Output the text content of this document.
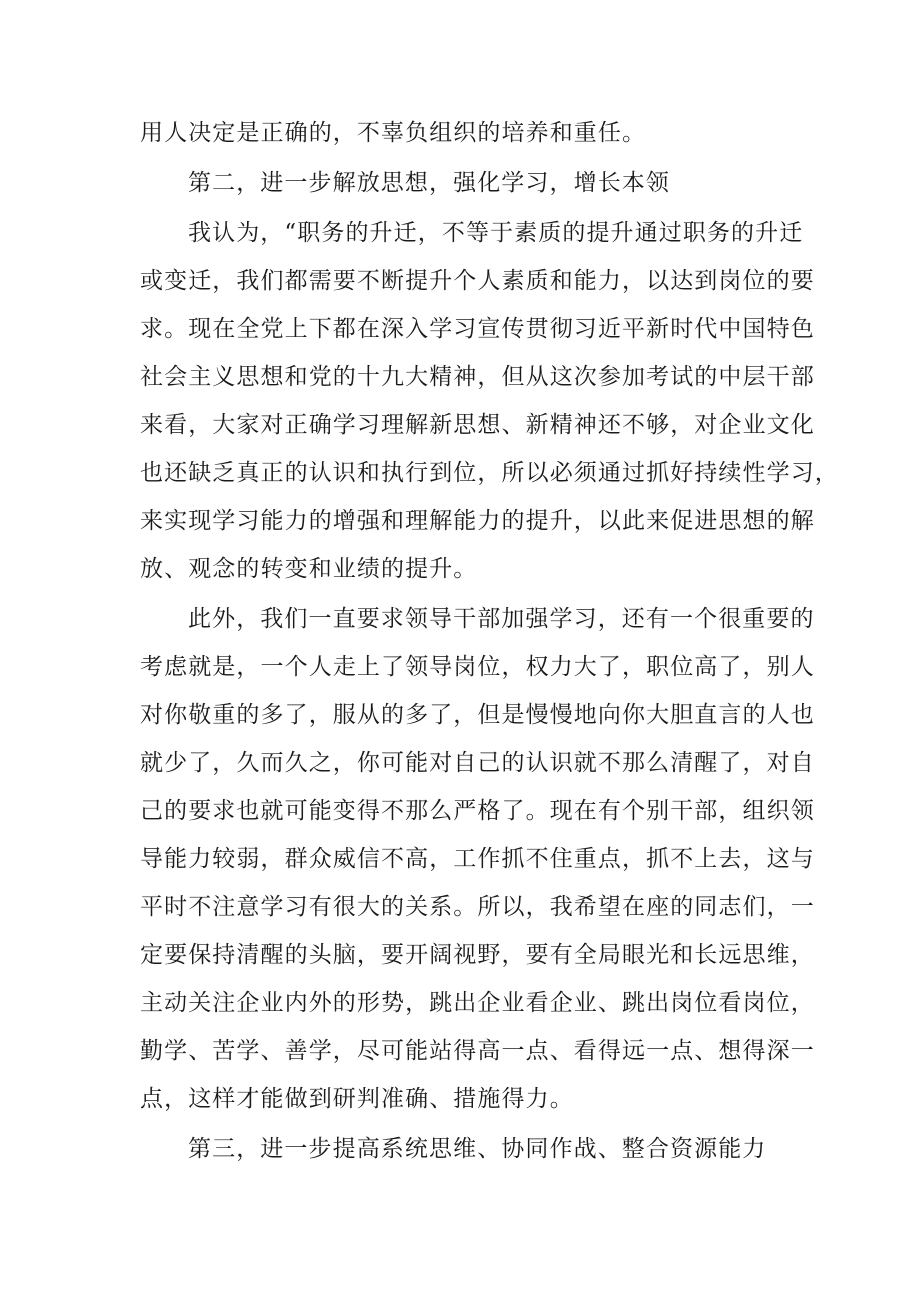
用人决定是正确的，不辜负组织的培养和重任。

第二，进一步解放思想，强化学习，增长本领

我认为，“职务的升迁，不等于素质的提升通过职务的升迁

或变迁，我们都需要不断提升个人素质和能力，以达到岗位的要

求。现在全党上下都在深入学习宣传贯彻习近平新时代中国特色

社会主义思想和党的十九大精神，但从这次参加考试的中层干部

来看，大家对正确学习理解新思想、新精神还不够，对企业文化

也还缺乏真正的认识和执行到位，所以必须通过抓好持续性学习，

来实现学习能力的增强和理解能力的提升，以此来促进思想的解

放、观念的转变和业绩的提升。

此外，我们一直要求领导干部加强学习，还有一个很重要的

考虑就是，一个人走上了领导岗位，权力大了，职位高了，别人

对你敬重的多了，服从的多了，但是慢慢地向你大胆直言的人也

就少了，久而久之，你可能对自己的认识就不那么清醒了，对自

己的要求也就可能变得不那么严格了。现在有个别干部，组织领

导能力较弱，群众威信不高，工作抓不住重点，抓不上去，这与

平时不注意学习有很大的关系。所以，我希望在座的同志们，一

定要保持清醒的头脑，要开阔视野，要有全局眼光和长远思维，

主动关注企业内外的形势，跳出企业看企业、跳出岗位看岗位，

勤学、苦学、善学，尽可能站得高一点、看得远一点、想得深一

点，这样才能做到研判准确、措施得力。

第三，进一步提高系统思维、协同作战、整合资源能力
